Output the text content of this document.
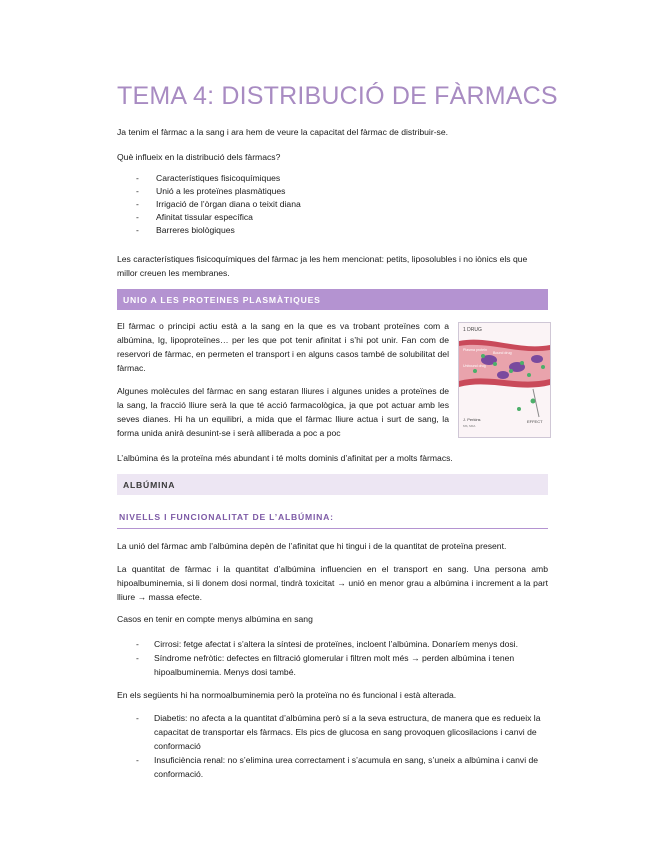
TEMA 4: DISTRIBUCIÓ DE FÀRMACS

Ja tenim el fàrmac a la sang i ara hem de veure la capacitat del fàrmac de distribuir-se.

Què influeix en la distribució dels fàrmacs?

- Característiques fisicoquímiques
- Unió a les proteïnes plasmàtiques
- Irrigació de l’òrgan diana o teixit diana
- Afinitat tissular específica
- Barreres biològiques

Les característiques fisicoquímiques del fàrmac ja les hem mencionat: petits, liposolubles i no iònics els que millor creuen les membranes.

UNIO A LES PROTEINES PLASMÀTIQUES

El fàrmac o principi actiu està a la sang en la que es va trobant proteïnes com a albúmina, Ig, lipoproteïnes… per les que pot tenir afinitat i s’hi pot unir. Fan com de reservori de fàrmac, en permeten el transport i en alguns casos també de solubilitat del fàrmac.

Algunes molècules del fàrmac en sang estaran lliures i algunes unides a proteïnes de la sang, la fracció lliure serà la que té acció farmacològica, ja que pot actuar amb les seves dianes. Hi ha un equilibri, a mida que el fàrmac lliure actua i surt de sang, la forma unida anirà desunint-se i serà alliberada a poc a poc

1 DRUG
Plasma protein
Bound drug
Unbound drug
J. Perkins
MS, MFA
EFFECT

L’albúmina és la proteïna més abundant i té molts dominis d’afinitat per a molts fàrmacs.

ALBÚMINA
NIVELLS I FUNCIONALITAT DE L’ALBÚMINA:

La unió del fàrmac amb l’albúmina depèn de l’afinitat que hi tingui i de la quantitat de proteïna present.

La quantitat de fàrmac i la quantitat d’albúmina influencien en el transport en sang. Una persona amb hipoalbuminemia, si li donem dosi normal, tindrà toxicitat → unió en menor grau a albúmina i increment a la part lliure → massa efecte.

Casos en tenir en compte menys albúmina en sang

- Cirrosi: fetge afectat i s’altera la síntesi de proteïnes, incloent l’albúmina. Donaríem menys dosi.
- Síndrome nefròtic: defectes en filtració glomerular i filtren molt més → perden albúmina i tenen hipoalbuminemia. Menys dosi també.

En els següents hi ha normoalbuminemia però la proteïna no és funcional i està alterada.

- Diabetis: no afecta a la quantitat d’albúmina però sí a la seva estructura, de manera que es redueix la capacitat de transportar els fàrmacs. Els pics de glucosa en sang provoquen glicosilacions i canvi de conformació
- Insuficiència renal: no s’elimina urea correctament i s’acumula en sang, s’uneix a albúmina i canvi de conformació.
